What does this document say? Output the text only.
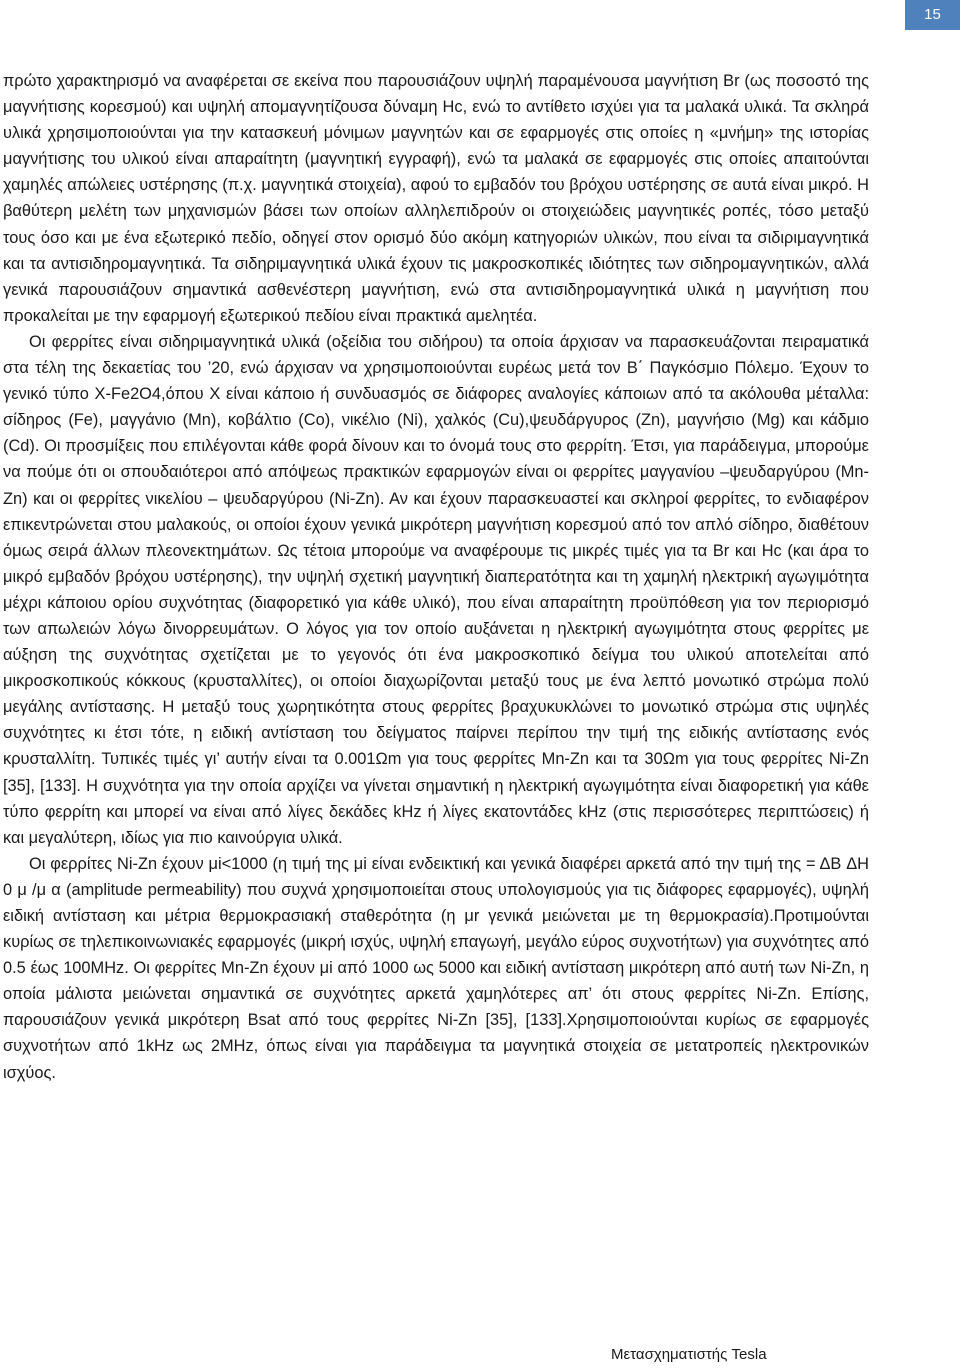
15

πρώτο χαρακτηρισμό να αναφέρεται σε εκείνα που παρουσιάζουν υψηλή παραμένουσα μαγνήτιση Br (ως ποσοστό της μαγνήτισης κορεσμού) και υψηλή απομαγνητίζουσα δύναμη Hc, ενώ το αντίθετο ισχύει για τα μαλακά υλικά. Τα σκληρά υλικά χρησιμοποιούνται για την κατασκευή μόνιμων μαγνητών και σε εφαρμογές στις οποίες η «μνήμη» της ιστορίας μαγνήτισης του υλικού είναι απαραίτητη (μαγνητική εγγραφή), ενώ τα μαλακά σε εφαρμογές στις οποίες απαιτούνται χαμηλές απώλειες υστέρησης (π.χ. μαγνητικά στοιχεία), αφού το εμβαδόν του βρόχου υστέρησης σε αυτά είναι μικρό. Η βαθύτερη μελέτη των μηχανισμών βάσει των οποίων αλληλεπιδρούν οι στοιχειώδεις μαγνητικές ροπές, τόσο μεταξύ τους όσο και με ένα εξωτερικό πεδίο, οδηγεί στον ορισμό δύο ακόμη κατηγοριών υλικών, που είναι τα σιδιριμαγνητικά και τα αντισιδηρομαγνητικά. Τα σιδηριμαγνητικά υλικά έχουν τις μακροσκοπικές ιδιότητες των σιδηρομαγνητικών, αλλά γενικά παρουσιάζουν σημαντικά ασθενέστερη μαγνήτιση, ενώ στα αντισιδηρομαγνητικά υλικά η μαγνήτιση που προκαλείται με την εφαρμογή εξωτερικού πεδίου είναι πρακτικά αμελητέα.

Οι φερρίτες είναι σιδηριμαγνητικά υλικά (οξείδια του σιδήρου) τα οποία άρχισαν να παρασκευάζονται πειραματικά στα τέλη της δεκαετίας του ’20, ενώ άρχισαν να χρησιμοποιούνται ευρέως μετά τον Β΄ Παγκόσμιο Πόλεμο. Έχουν το γενικό τύπο X-Fe2O4,όπου X είναι κάποιο ή συνδυασμός σε διάφορες αναλογίες κάποιων από τα ακόλουθα μέταλλα: σίδηρος (Fe), μαγγάνιο (Mn), κοβάλτιο (Co), νικέλιο (Ni), χαλκός (Cu),ψευδάργυρος (Zn), μαγνήσιο (Mg) και κάδμιο (Cd). Οι προσμίξεις που επιλέγονται κάθε φορά δίνουν και το όνομά τους στο φερρίτη. Έτσι, για παράδειγμα, μπορούμε να πούμε ότι οι σπουδαιότεροι από απόψεως πρακτικών εφαρμογών είναι οι φερρίτες μαγγανίου –ψευδαργύρου (Mn-Zn) και οι φερρίτες νικελίου – ψευδαργύρου (Ni-Zn). Αν και έχουν παρασκευαστεί και σκληροί φερρίτες, το ενδιαφέρον επικεντρώνεται στου μαλακούς, οι οποίοι έχουν γενικά μικρότερη μαγνήτιση κορεσμού από τον απλό σίδηρο, διαθέτουν όμως σειρά άλλων πλεονεκτημάτων. Ως τέτοια μπορούμε να αναφέρουμε τις μικρές τιμές για τα Br και Hc (και άρα το μικρό εμβαδόν βρόχου υστέρησης), την υψηλή σχετική μαγνητική διαπερατότητα και τη χαμηλή ηλεκτρική αγωγιμότητα μέχρι κάποιου ορίου συχνότητας (διαφορετικό για κάθε υλικό), που είναι απαραίτητη προϋπόθεση για τον περιορισμό των απωλειών λόγω δινορρευμάτων. Ο λόγος για τον οποίο αυξάνεται η ηλεκτρική αγωγιμότητα στους φερρίτες με αύξηση της συχνότητας σχετίζεται με το γεγονός ότι ένα μακροσκοπικό δείγμα του υλικού αποτελείται από μικροσκοπικούς κόκκους (κρυσταλλίτες), οι οποίοι διαχωρίζονται μεταξύ τους με ένα λεπτό μονωτικό στρώμα πολύ μεγάλης αντίστασης. Η μεταξύ τους χωρητικότητα στους φερρίτες βραχυκυκλώνει το μονωτικό στρώμα στις υψηλές συχνότητες κι έτσι τότε, η ειδική αντίσταση του δείγματος παίρνει περίπου την τιμή της ειδικής αντίστασης ενός κρυσταλλίτη. Τυπικές τιμές γι’ αυτήν είναι τα 0.001Ωm για τους φερρίτες Mn-Zn και τα 30Ωm για τους φερρίτες Ni-Zn [35], [133]. Η συχνότητα για την οποία αρχίζει να γίνεται σημαντική η ηλεκτρική αγωγιμότητα είναι διαφορετική για κάθε τύπο φερρίτη και μπορεί να είναι από λίγες δεκάδες kHz ή λίγες εκατοντάδες kHz (στις περισσότερες περιπτώσεις) ή και μεγαλύτερη, ιδίως για πιο καινούργια υλικά.

Οι φερρίτες Ni-Zn έχουν μi<1000 (η τιμή της μi είναι ενδεικτική και γενικά διαφέρει αρκετά από την τιμή της = ΔB ΔH 0 μ /μ α (amplitude permeability) που συχνά χρησιμοποιείται στους υπολογισμούς για τις διάφορες εφαρμογές), υψηλή ειδική αντίσταση και μέτρια θερμοκρασιακή σταθερότητα (η μr γενικά μειώνεται με τη θερμοκρασία).Προτιμούνται κυρίως σε τηλεπικοινωνιακές εφαρμογές (μικρή ισχύς, υψηλή επαγωγή, μεγάλο εύρος συχνοτήτων) για συχνότητες από 0.5 έως 100MHz. Οι φερρίτες Mn-Zn έχουν μi από 1000 ως 5000 και ειδική αντίσταση μικρότερη από αυτή των Ni-Zn, η οποία μάλιστα μειώνεται σημαντικά σε συχνότητες αρκετά χαμηλότερες απ’ ότι στους φερρίτες Ni-Zn. Επίσης, παρουσιάζουν γενικά μικρότερη Bsat από τους φερρίτες Ni-Zn [35], [133].Χρησιμοποιούνται κυρίως σε εφαρμογές συχνοτήτων από 1kHz ως 2MHz, όπως είναι για παράδειγμα τα μαγνητικά στοιχεία σε μετατροπείς ηλεκτρονικών ισχύος.

Μετασχηματιστής Tesla
